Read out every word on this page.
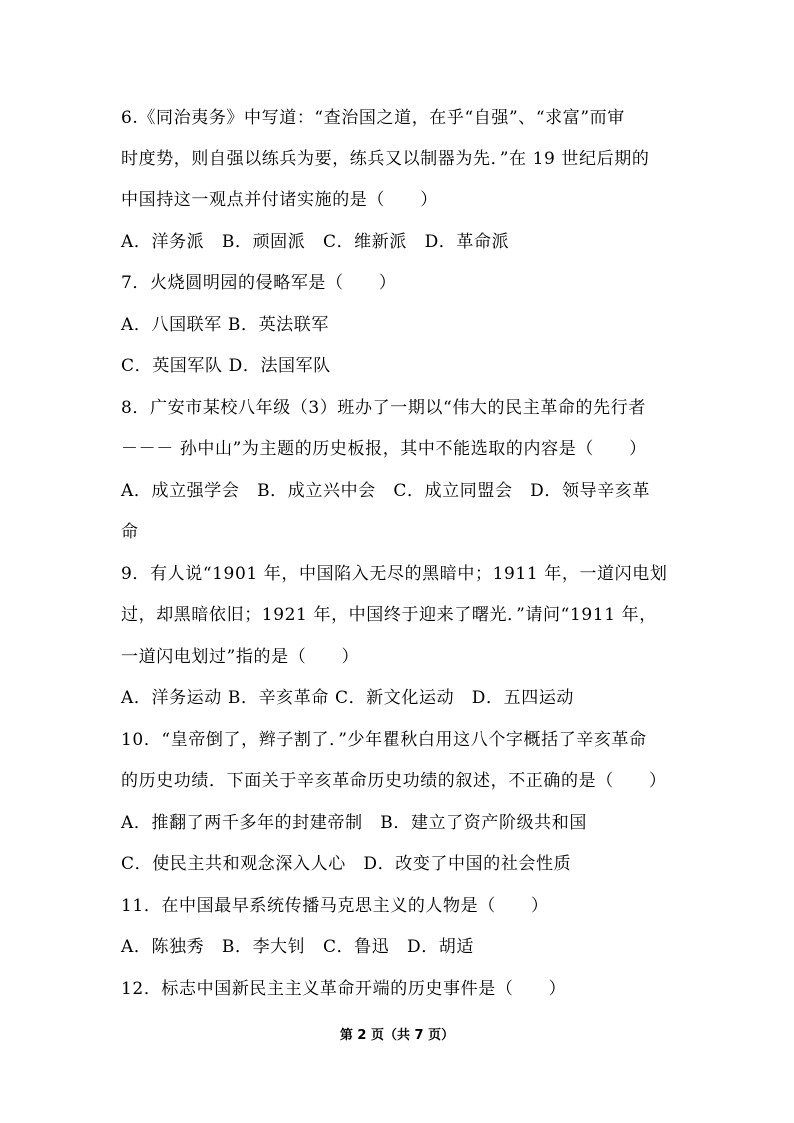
6.《同治夷务》中写道：“查治国之道，在乎“自强”、“求富”而审
时度势，则自强以练兵为要，练兵又以制器为先．”在 19 世纪后期的
中国持这一观点并付诸实施的是（　　）
A．洋务派　B．顽固派　C．维新派　D．革命派
7．火烧圆明园的侵略军是（　　）
A．八国联军 B．英法联军
C．英国军队 D．法国军队
8．广安市某校八年级（3）班办了一期以“伟大的民主革命的先行者
－－－ 孙中山”为主题的历史板报，其中不能选取的内容是（　　）
A．成立强学会　B．成立兴中会　C．成立同盟会　D．领导辛亥革
命
9．有人说“1901 年，中国陷入无尽的黑暗中；1911 年，一道闪电划
过，却黑暗依旧；1921 年，中国终于迎来了曙光．”请问“1911 年，
一道闪电划过”指的是（　　）
A．洋务运动 B．辛亥革命 C．新文化运动　D．五四运动
10．“皇帝倒了，辫子割了．”少年瞿秋白用这八个字概括了辛亥革命
的历史功绩．下面关于辛亥革命历史功绩的叙述，不正确的是（　　）
A．推翻了两千多年的封建帝制　B．建立了资产阶级共和国
C．使民主共和观念深入人心　D．改变了中国的社会性质
11．在中国最早系统传播马克思主义的人物是（　　）
A．陈独秀　B．李大钊　C．鲁迅　D．胡适
12．标志中国新民主主义革命开端的历史事件是（　　）
第 2 页（共 7 页）
